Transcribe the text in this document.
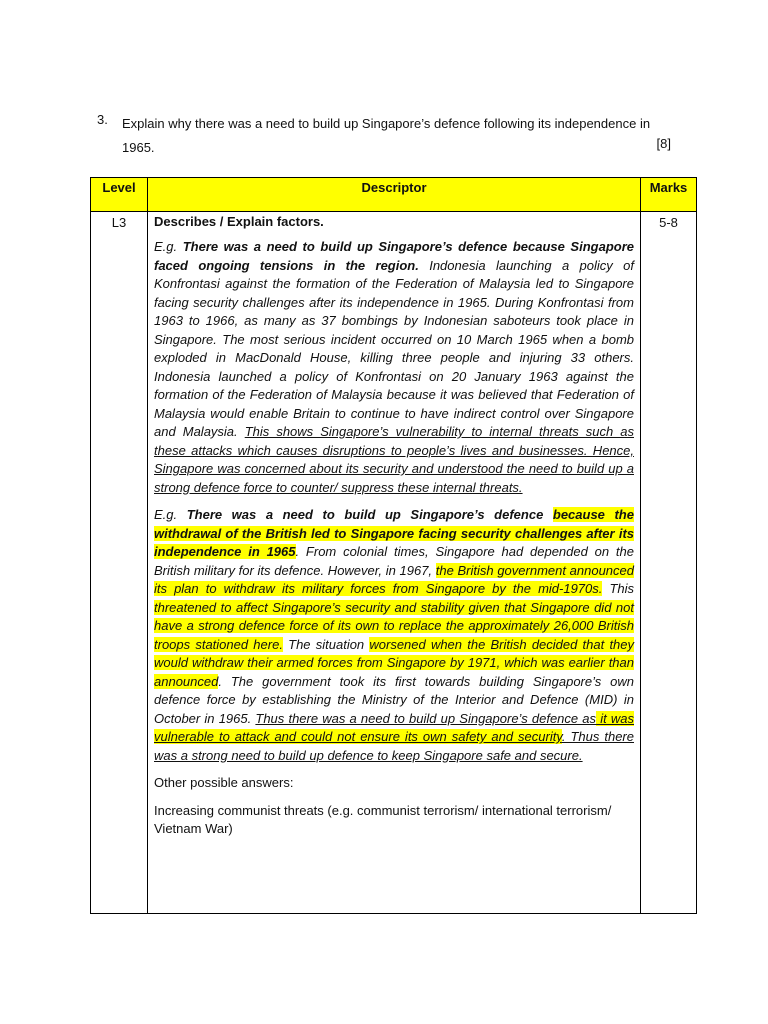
3. Explain why there was a need to build up Singapore’s defence following its independence in 1965.	[8]
Level	Descriptor	Marks
L3	Describes / Explain factors.

E.g. There was a need to build up Singapore’s defence because Singapore faced ongoing tensions in the region. Indonesia launching a policy of Konfrontasi against the formation of the Federation of Malaysia led to Singapore facing security challenges after its independence in 1965. During Konfrontasi from 1963 to 1966, as many as 37 bombings by Indonesian saboteurs took place in Singapore. The most serious incident occurred on 10 March 1965 when a bomb exploded in MacDonald House, killing three people and injuring 33 others. Indonesia launched a policy of Konfrontasi on 20 January 1963 against the formation of the Federation of Malaysia because it was believed that Federation of Malaysia would enable Britain to continue to have indirect control over Singapore and Malaysia. This shows Singapore’s vulnerability to internal threats such as these attacks which causes disruptions to people’s lives and businesses. Hence, Singapore was concerned about its security and understood the need to build up a strong defence force to counter/ suppress these internal threats.

E.g. There was a need to build up Singapore’s defence because the withdrawal of the British led to Singapore facing security challenges after its independence in 1965. From colonial times, Singapore had depended on the British military for its defence. However, in 1967, the British government announced its plan to withdraw its military forces from Singapore by the mid-1970s. This threatened to affect Singapore’s security and stability given that Singapore did not have a strong defence force of its own to replace the approximately 26,000 British troops stationed here. The situation worsened when the British decided that they would withdraw their armed forces from Singapore by 1971, which was earlier than announced. The government took its first towards building Singapore’s own defence force by establishing the Ministry of the Interior and Defence (MID) in October in 1965. Thus there was a need to build up Singapore’s defence as it was vulnerable to attack and could not ensure its own safety and security. Thus there was a strong need to build up defence to keep Singapore safe and secure.

Other possible answers:

Increasing communist threats (e.g. communist terrorism/ international terrorism/ Vietnam War)	5-8
